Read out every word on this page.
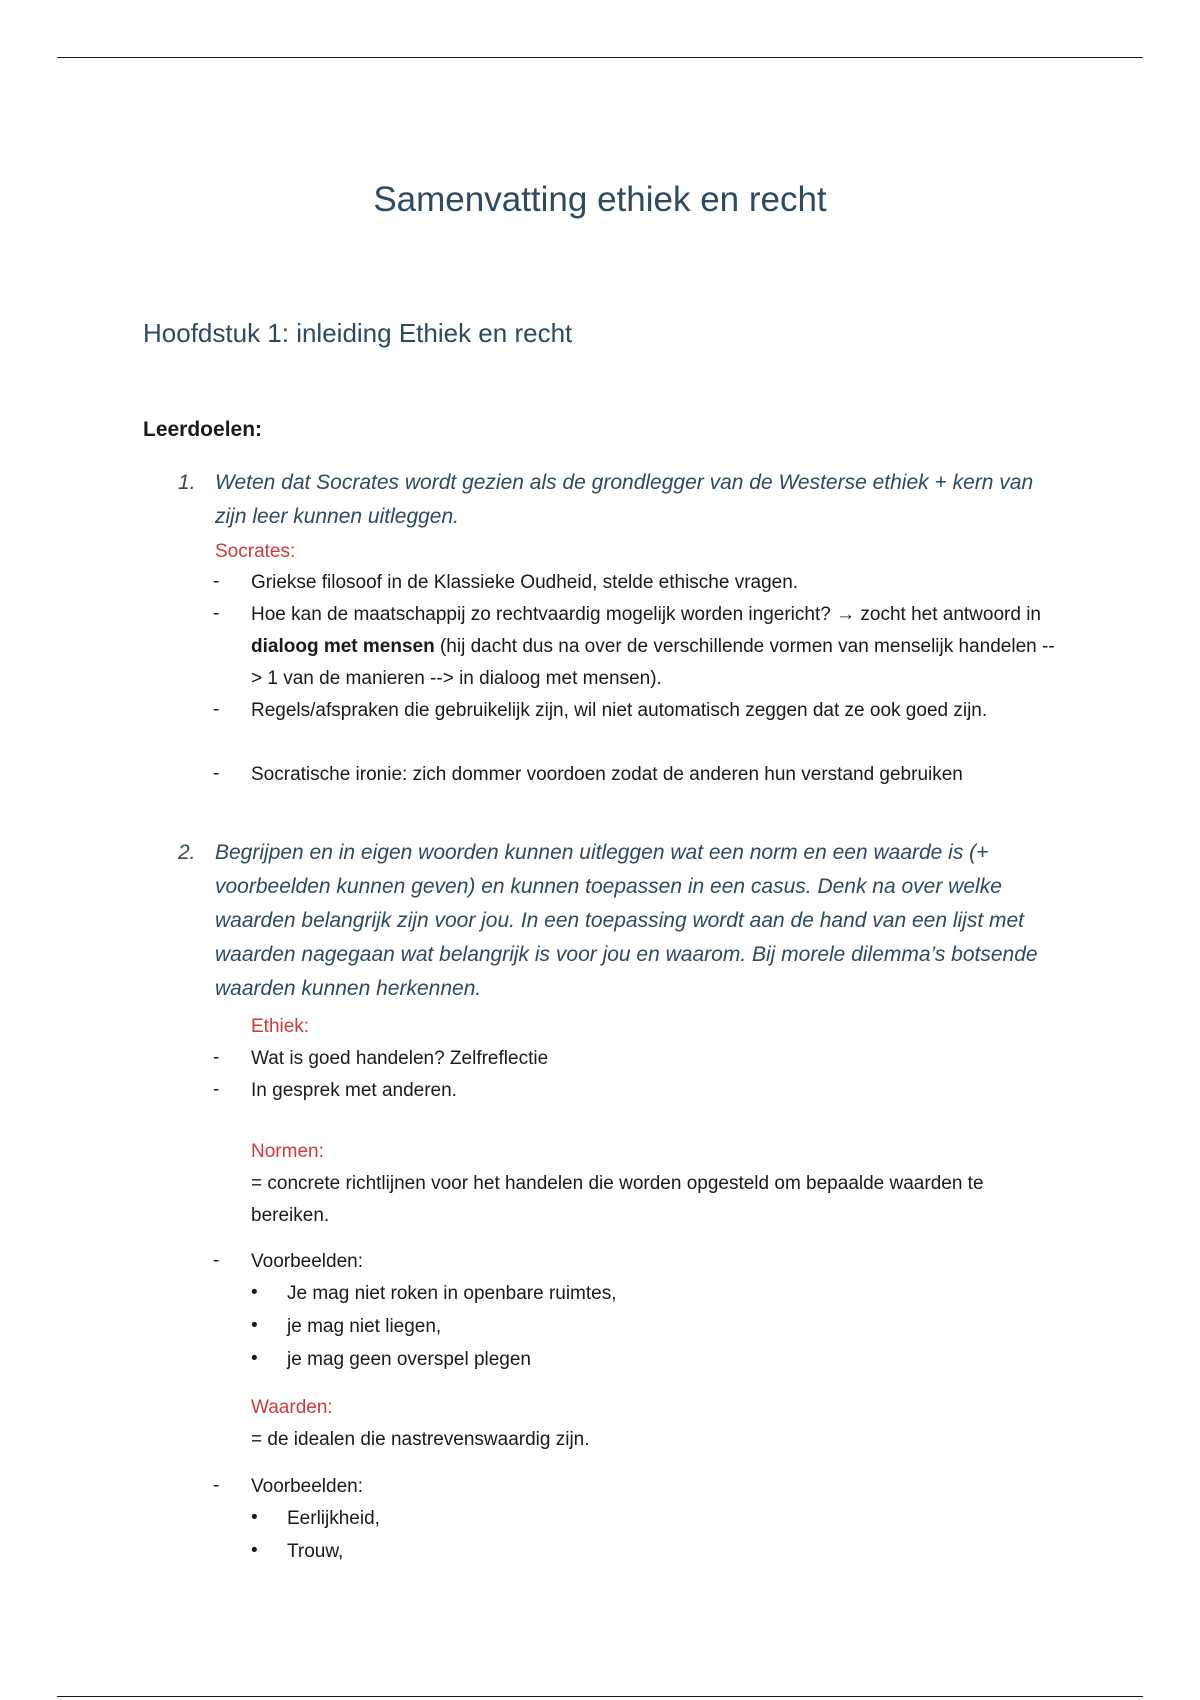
Samenvatting ethiek en recht
Hoofdstuk 1: inleiding Ethiek en recht
Leerdoelen:
1. Weten dat Socrates wordt gezien als de grondlegger van de Westerse ethiek + kern van zijn leer kunnen uitleggen.
Socrates:
-	Griekse filosoof in de Klassieke Oudheid, stelde ethische vragen.
-	Hoe kan de maatschappij zo rechtvaardig mogelijk worden ingericht? → zocht het antwoord in dialoog met mensen (hij dacht dus na over de verschillende vormen van menselijk handelen --> 1 van de manieren --> in dialoog met mensen).
-	Regels/afspraken die gebruikelijk zijn, wil niet automatisch zeggen dat ze ook goed zijn.
-	Socratische ironie: zich dommer voordoen zodat de anderen hun verstand gebruiken
2. Begrijpen en in eigen woorden kunnen uitleggen wat een norm en een waarde is (+ voorbeelden kunnen geven) en kunnen toepassen in een casus. Denk na over welke waarden belangrijk zijn voor jou. In een toepassing wordt aan de hand van een lijst met waarden nagegaan wat belangrijk is voor jou en waarom. Bij morele dilemma’s botsende waarden kunnen herkennen.
Ethiek:
-	Wat is goed handelen? Zelfreflectie
-	In gesprek met anderen.
Normen:
= concrete richtlijnen voor het handelen die worden opgesteld om bepaalde waarden te bereiken.
-	Voorbeelden:
• Je mag niet roken in openbare ruimtes,
• je mag niet liegen,
• je mag geen overspel plegen
Waarden:
= de idealen die nastrevenswaardig zijn.
-	Voorbeelden:
• Eerlijkheid,
• Trouw,
